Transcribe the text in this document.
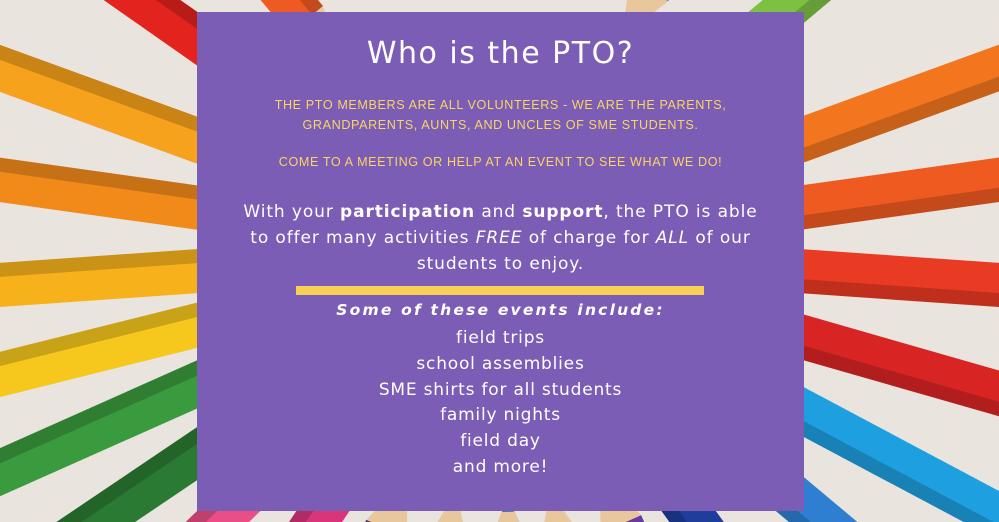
Who is the PTO?
THE PTO MEMBERS ARE ALL VOLUNTEERS - WE ARE THE PARENTS,
GRANDPARENTS, AUNTS, AND UNCLES OF SME STUDENTS.
COME TO A MEETING OR HELP AT AN EVENT TO SEE WHAT WE DO!
With your participation and support, the PTO is able to offer many activities FREE of charge for ALL of our students to enjoy.
Some of these events include:
field trips
school assemblies
SME shirts for all students
family nights
field day
and more!
